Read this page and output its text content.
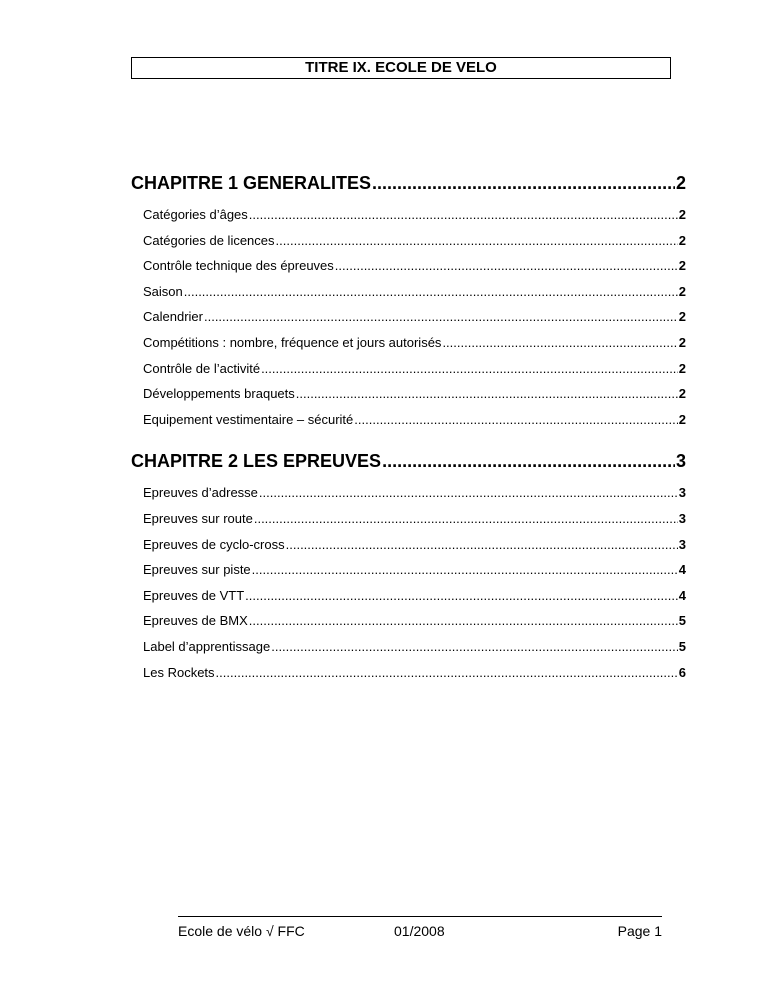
TITRE IX. ECOLE DE VELO
CHAPITRE 1 GENERALITES .....	2
Catégories d’âges .....	2
Catégories de licences .....	2
Contrôle technique des épreuves .....	2
Saison .....	2
Calendrier .....	2
Compétitions : nombre, fréquence et jours autorisés .....	2
Contrôle de l’activité .....	2
Développements braquets .....	2
Equipement vestimentaire – sécurité .....	2
CHAPITRE 2 LES EPREUVES .....	3
Epreuves d’adresse .....	3
Epreuves sur route .....	3
Epreuves de cyclo-cross .....	3
Epreuves sur piste .....	4
Epreuves de VTT .....	4
Epreuves de BMX .....	5
Label d’apprentissage .....	5
Les Rockets .....	6
Ecole de vélo √ FFC	01/2008	Page 1
